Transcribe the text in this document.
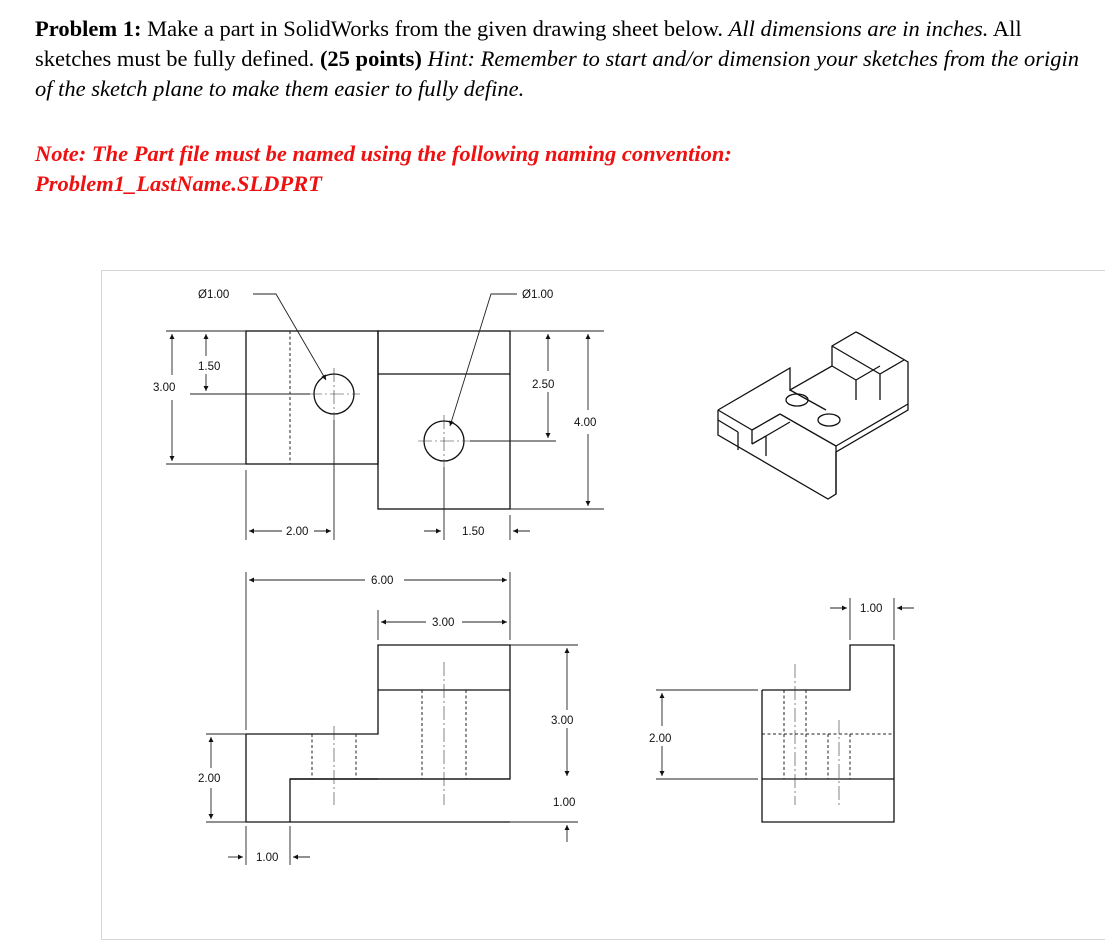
Problem 1: Make a part in SolidWorks from the given drawing sheet below. All dimensions are in inches. All sketches must be fully defined. (25 points) Hint: Remember to start and/or dimension your sketches from the origin of the sketch plane to make them easier to fully define.
Note: The Part file must be named using the following naming convention:
Problem1_LastName.SLDPRT
Ø1.00	Ø1.00
3.00
1.50
2.50
4.00
2.00	1.50
6.00
3.00
3.00
1.00
2.00
1.00
1.00
2.00
